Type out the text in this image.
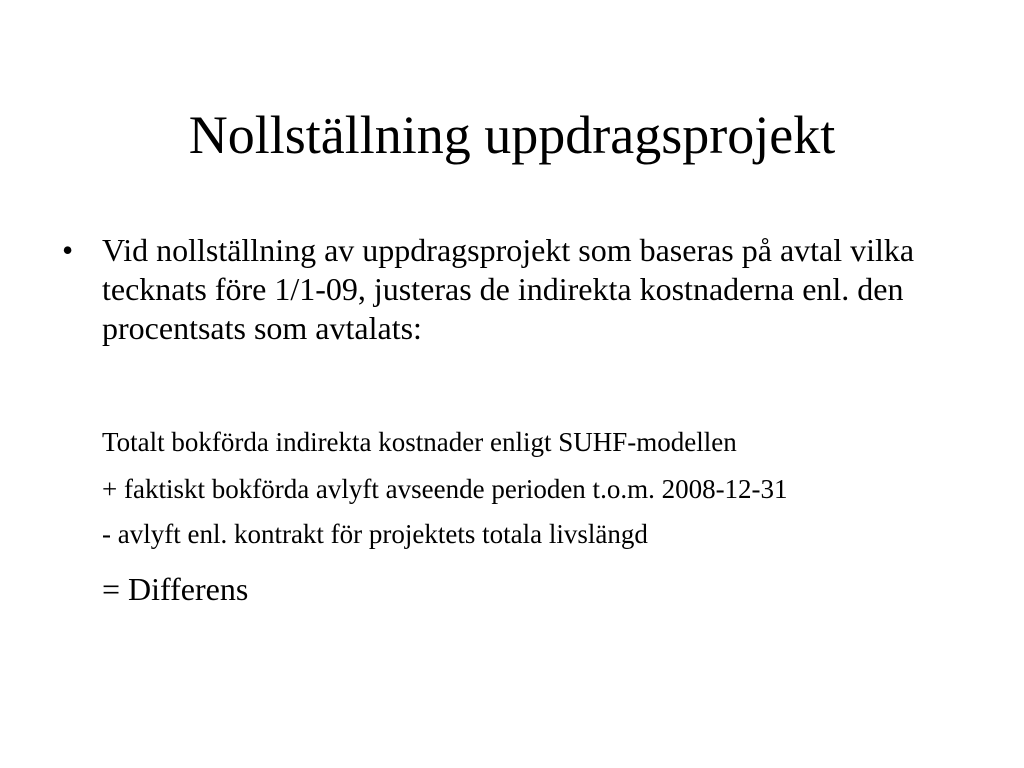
Nollställning uppdragsprojekt
• Vid nollställning av uppdragsprojekt som baseras på avtal vilka tecknats före 1/1-09, justeras de indirekta kostnaderna enl. den procentsats som avtalats:

Totalt bokförda indirekta kostnader enligt SUHF-modellen

+ faktiskt bokförda avlyft avseende perioden t.o.m. 2008-12-31

- avlyft enl. kontrakt för projektets totala livslängd

= Differens
